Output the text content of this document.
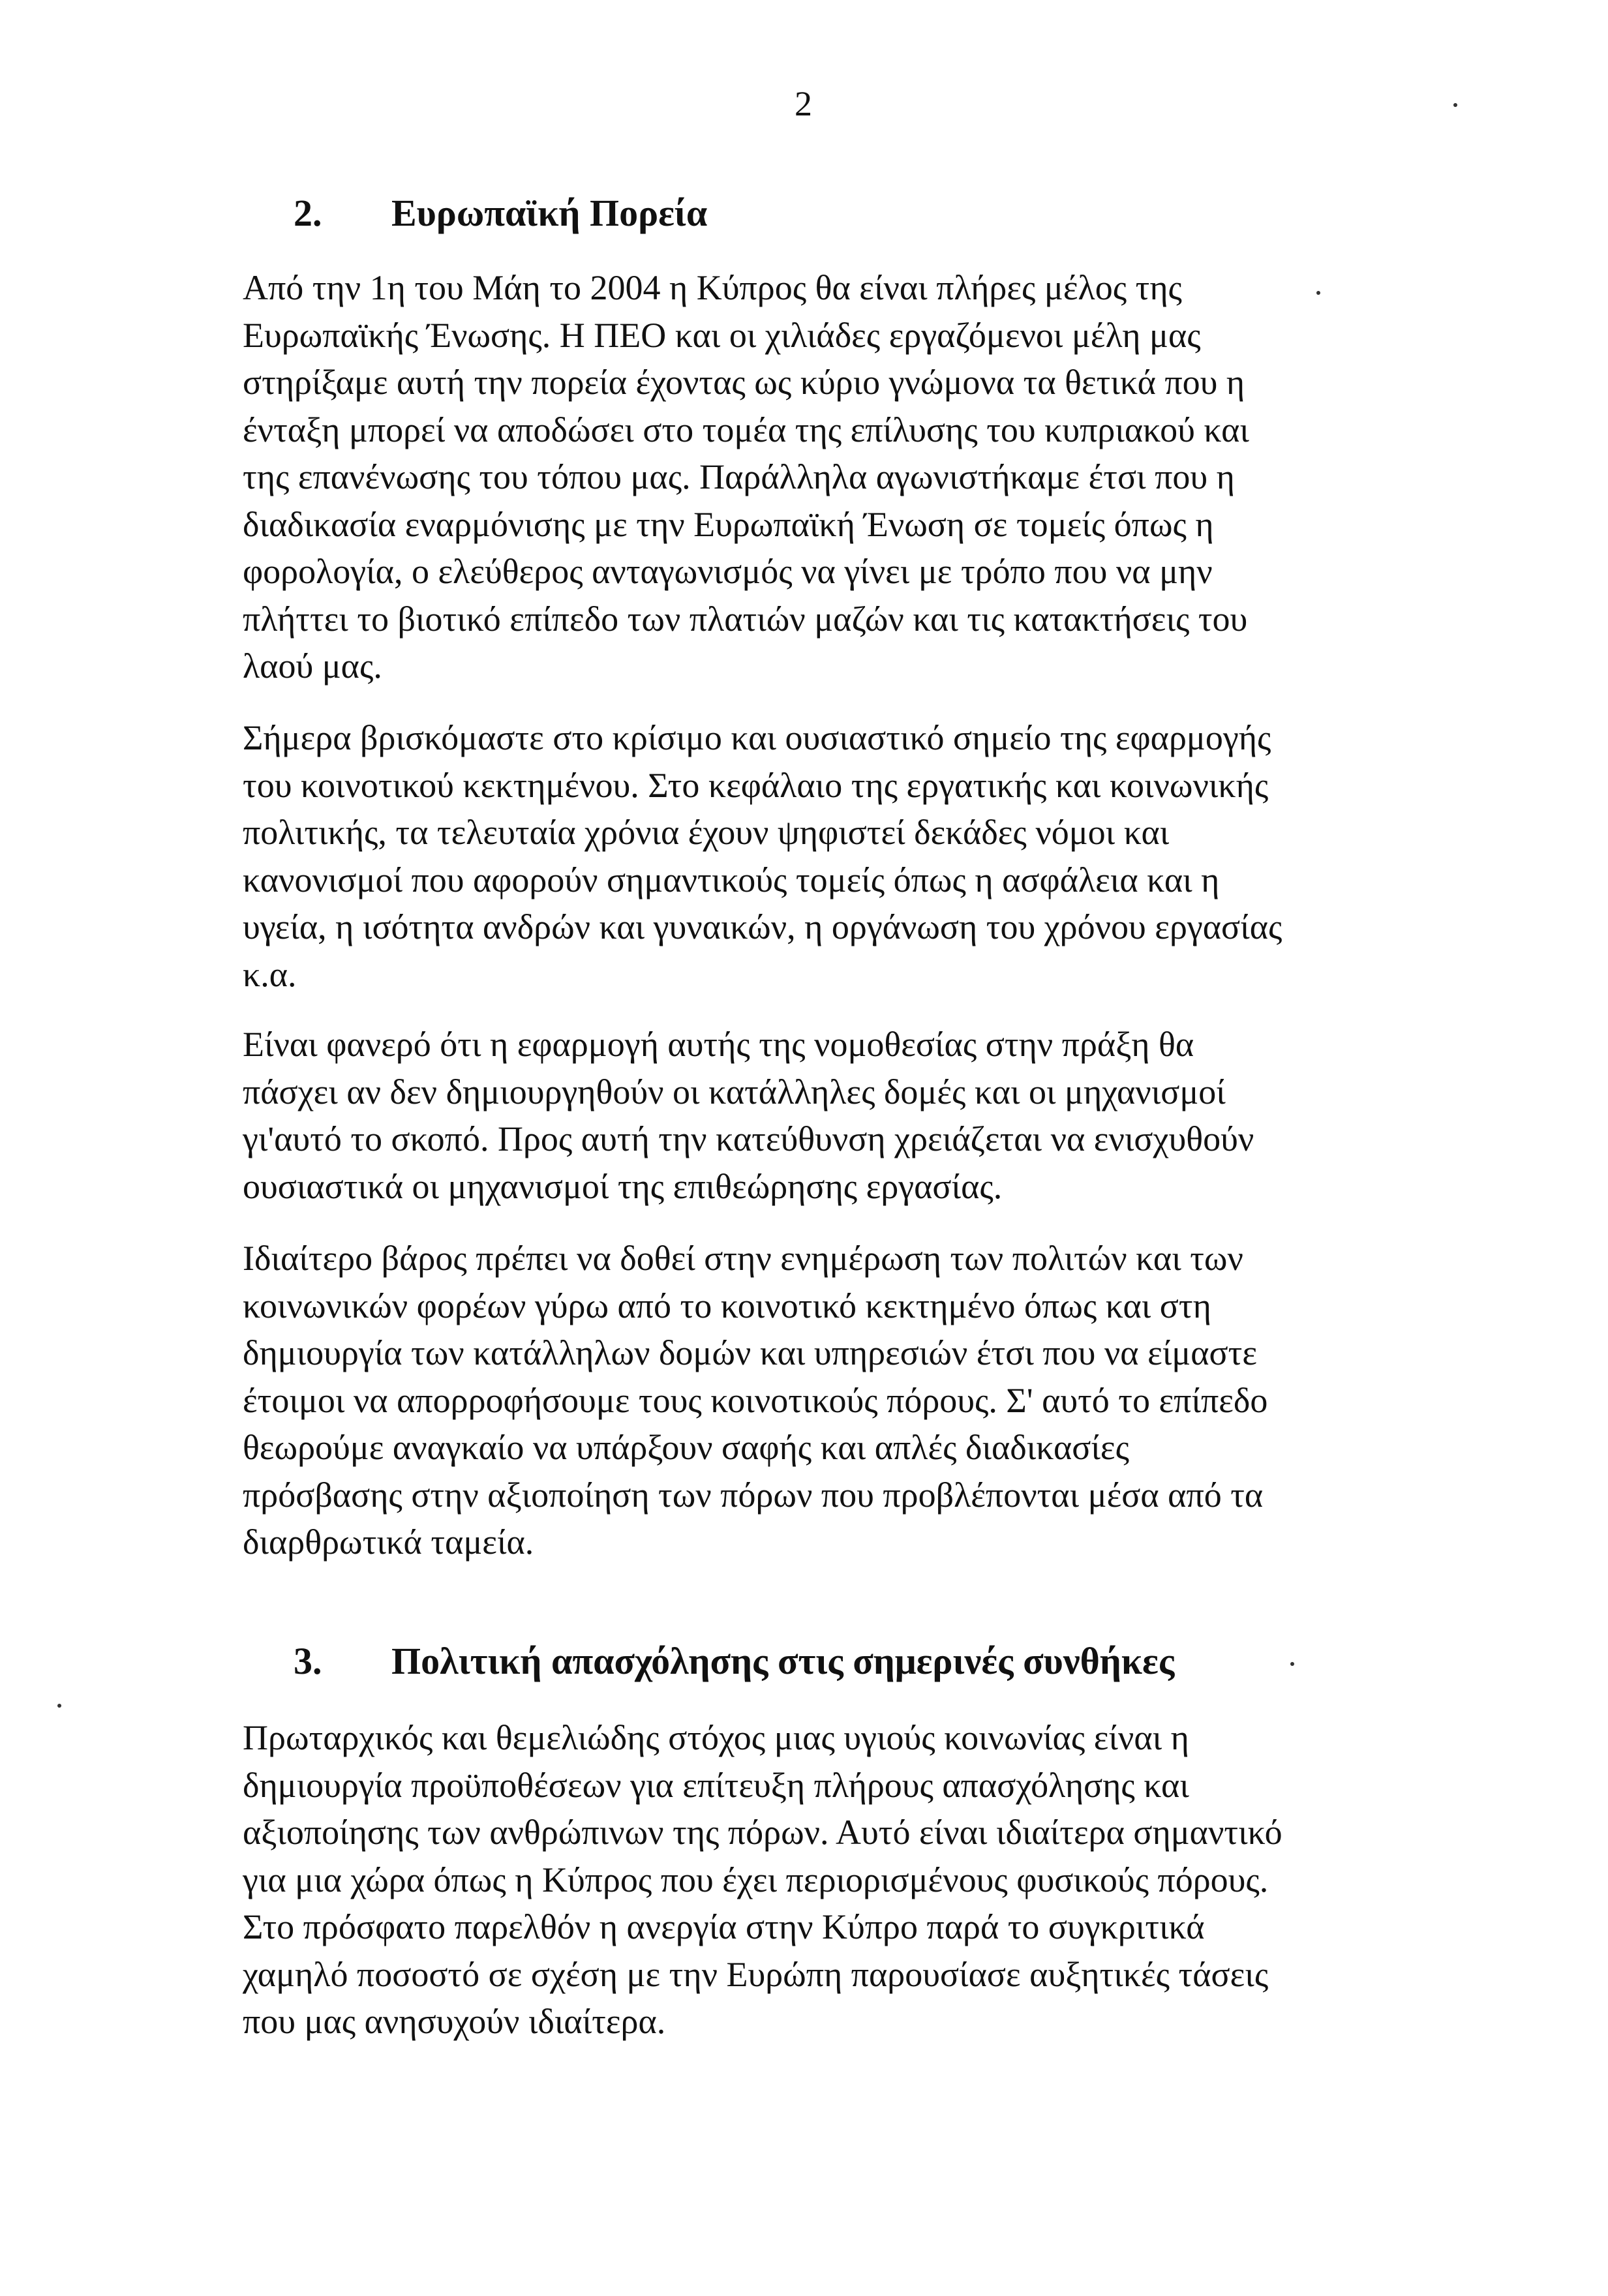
2
2. Ευρωπαϊκή Πορεία
Από την 1η του Μάη το 2004 η Κύπρος θα είναι πλήρες μέλος της
Ευρωπαϊκής Ένωσης. Η ΠΕΟ και οι χιλιάδες εργαζόμενοι μέλη μας
στηρίξαμε αυτή την πορεία έχοντας ως κύριο γνώμονα τα θετικά που η
ένταξη μπορεί να αποδώσει στο τομέα της επίλυσης του κυπριακού και
της επανένωσης του τόπου μας. Παράλληλα αγωνιστήκαμε έτσι που η
διαδικασία εναρμόνισης με την Ευρωπαϊκή Ένωση σε τομείς όπως η
φορολογία, ο ελεύθερος ανταγωνισμός να γίνει με τρόπο που να μην
πλήττει το βιοτικό επίπεδο των πλατιών μαζών και τις κατακτήσεις του
λαού μας.
Σήμερα βρισκόμαστε στο κρίσιμο και ουσιαστικό σημείο της εφαρμογής
του κοινοτικού κεκτημένου. Στο κεφάλαιο της εργατικής και κοινωνικής
πολιτικής, τα τελευταία χρόνια έχουν ψηφιστεί δεκάδες νόμοι και
κανονισμοί που αφορούν σημαντικούς τομείς όπως η ασφάλεια και η
υγεία, η ισότητα ανδρών και γυναικών, η οργάνωση του χρόνου εργασίας
κ.α.
Είναι φανερό ότι η εφαρμογή αυτής της νομοθεσίας στην πράξη θα
πάσχει αν δεν δημιουργηθούν οι κατάλληλες δομές και οι μηχανισμοί
γι'αυτό το σκοπό. Προς αυτή την κατεύθυνση χρειάζεται να ενισχυθούν
ουσιαστικά οι μηχανισμοί της επιθεώρησης εργασίας.
Ιδιαίτερο βάρος πρέπει να δοθεί στην ενημέρωση των πολιτών και των
κοινωνικών φορέων γύρω από το κοινοτικό κεκτημένο όπως και στη
δημιουργία των κατάλληλων δομών και υπηρεσιών έτσι που να είμαστε
έτοιμοι να απορροφήσουμε τους κοινοτικούς πόρους. Σ' αυτό το επίπεδο
θεωρούμε αναγκαίο να υπάρξουν σαφής και απλές διαδικασίες
πρόσβασης στην αξιοποίηση των πόρων που προβλέπονται μέσα από τα
διαρθρωτικά ταμεία.
3. Πολιτική απασχόλησης στις σημερινές συνθήκες
Πρωταρχικός και θεμελιώδης στόχος μιας υγιούς κοινωνίας είναι η
δημιουργία προϋποθέσεων για επίτευξη πλήρους απασχόλησης και
αξιοποίησης των ανθρώπινων της πόρων. Αυτό είναι ιδιαίτερα σημαντικό
για μια χώρα όπως η Κύπρος που έχει περιορισμένους φυσικούς πόρους.
Στο πρόσφατο παρελθόν η ανεργία στην Κύπρο παρά το συγκριτικά
χαμηλό ποσοστό σε σχέση με την Ευρώπη παρουσίασε αυξητικές τάσεις
που μας ανησυχούν ιδιαίτερα.
